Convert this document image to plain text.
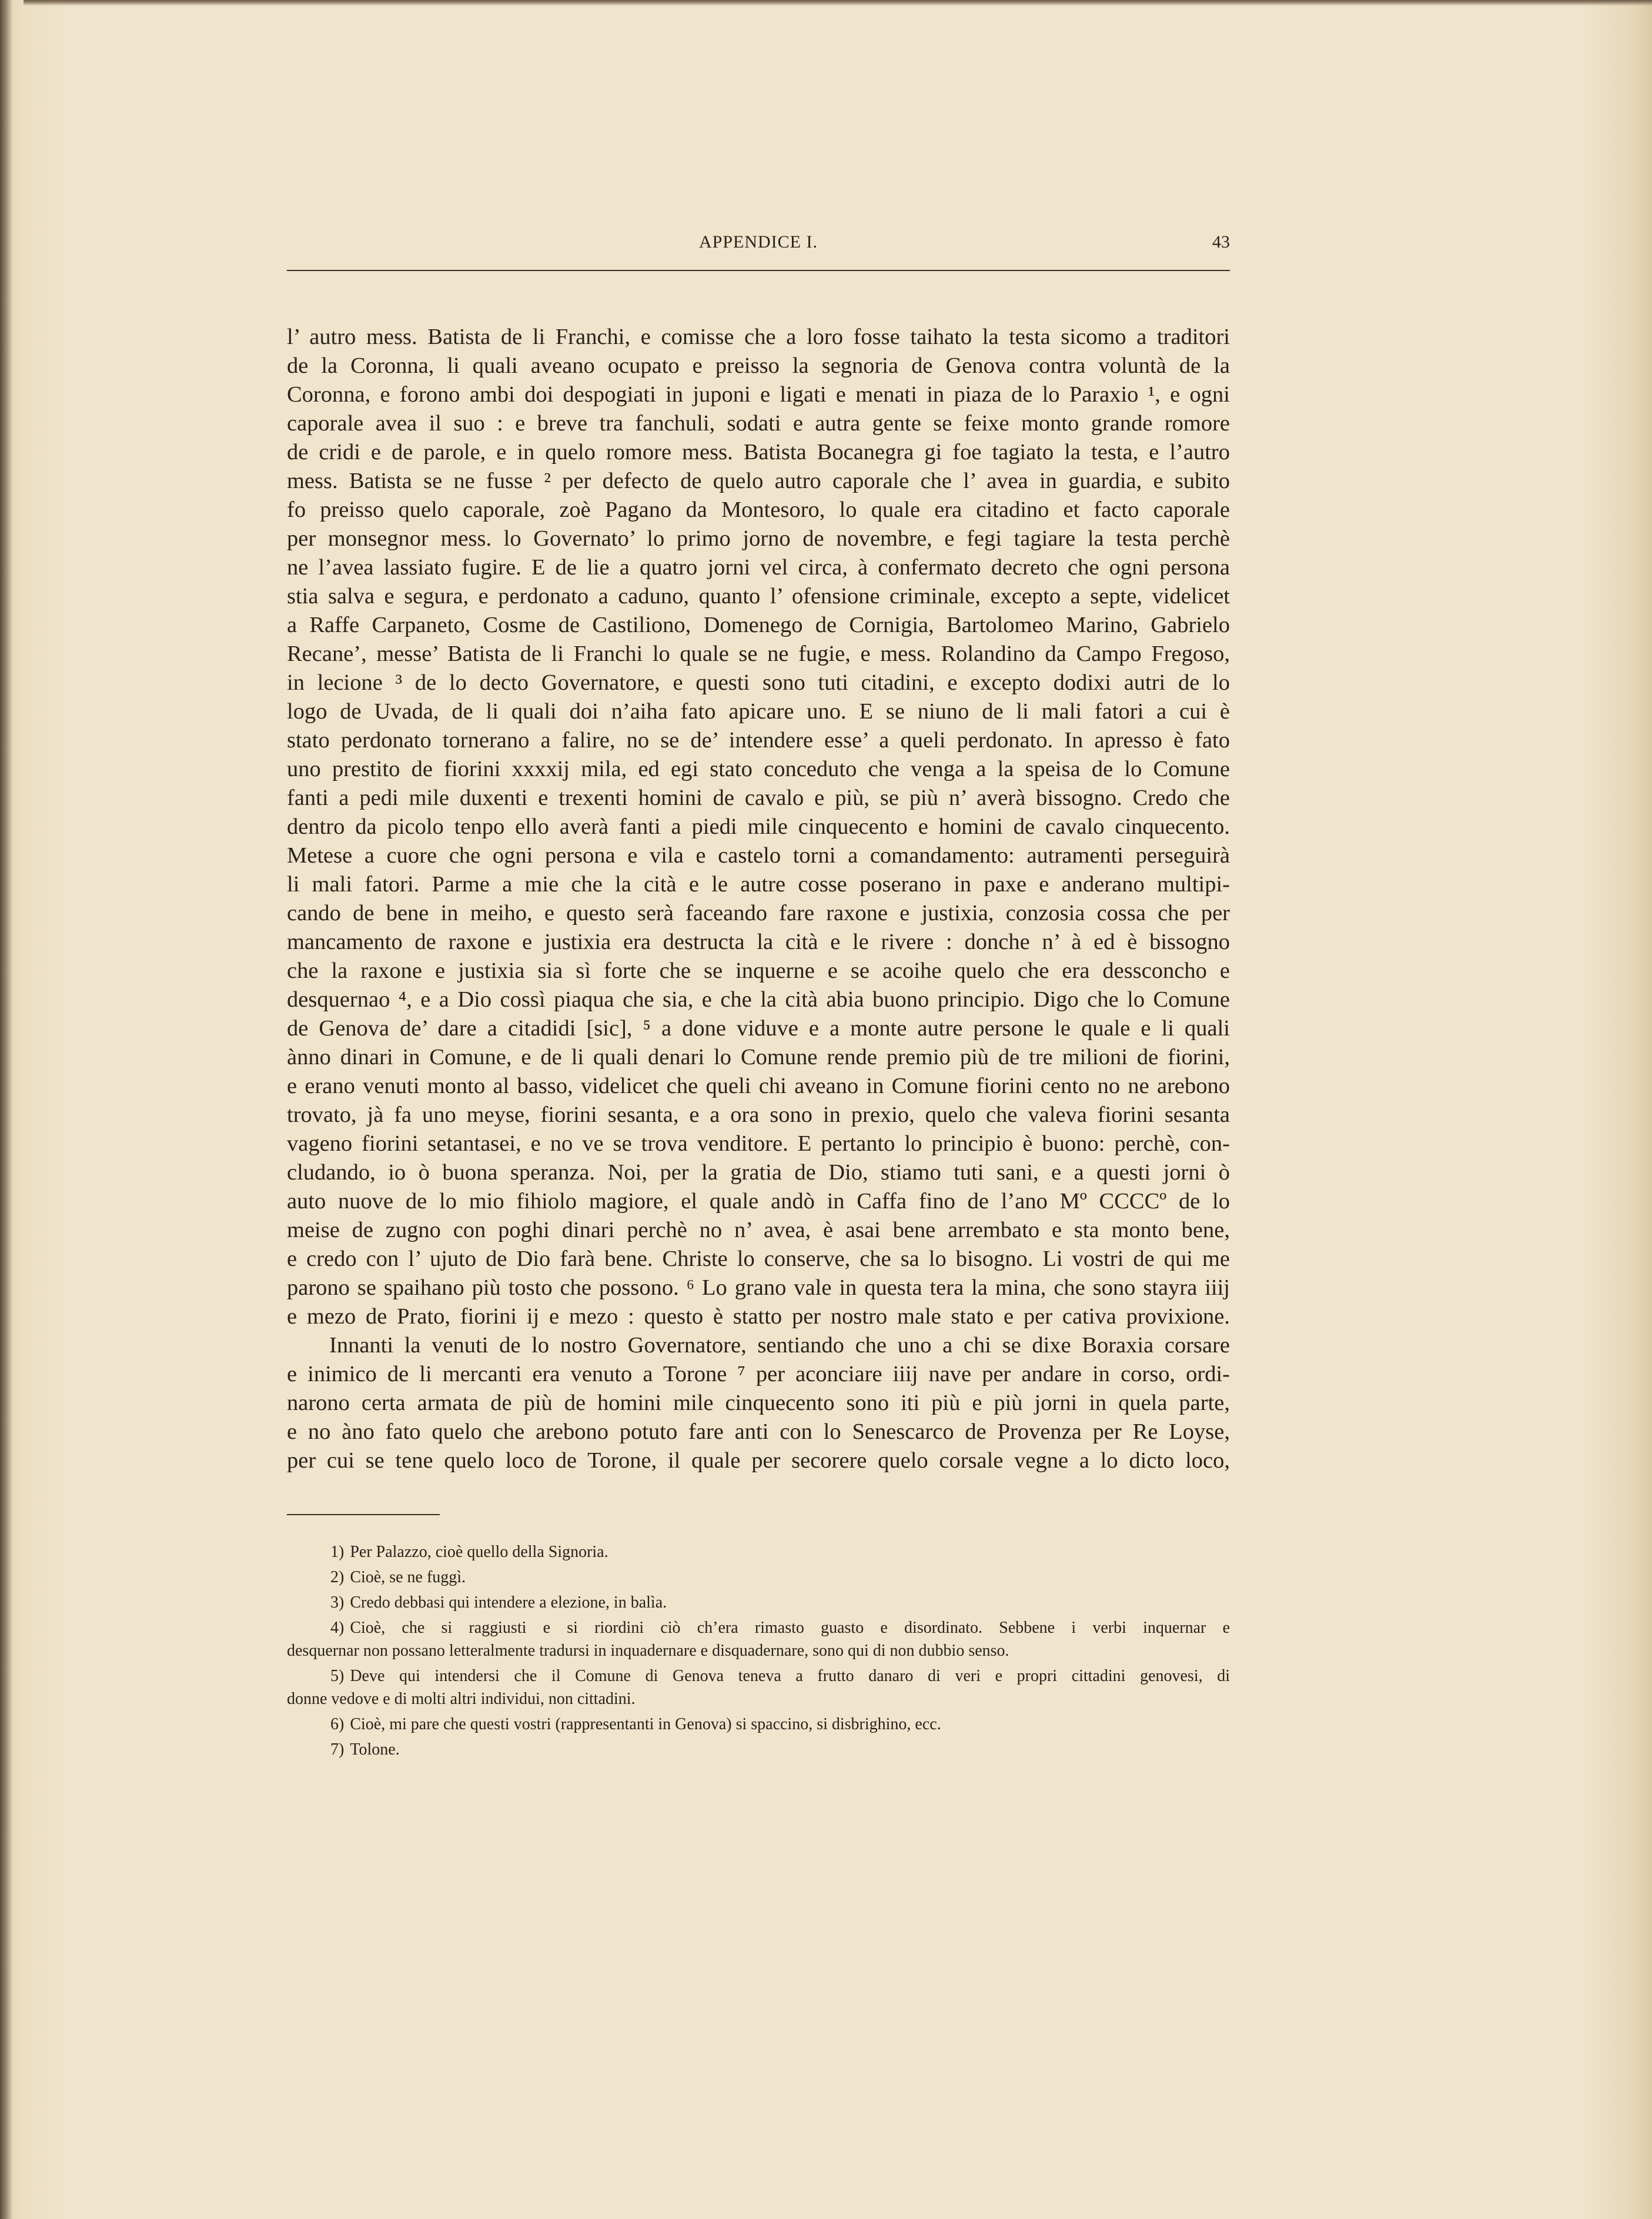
APPENDICE I.	43
l’ autro mess. Batista de li Franchi, e comisse che a loro fosse taihato la testa sicomo a traditori
de la Coronna, li quali aveano ocupato e preisso la segnoria de Genova contra voluntà de la
Coronna, e forono ambi doi despogiati in juponi e ligati e menati in piaza de lo Paraxio ¹, e ogni
caporale avea il suo : e breve tra fanchuli, sodati e autra gente se feixe monto grande romore
de cridi e de parole, e in quelo romore mess. Batista Bocanegra gi foe tagiato la testa, e l’autro
mess. Batista se ne fusse ² per defecto de quelo autro caporale che l’ avea in guardia, e subito
fo preisso quelo caporale, zoè Pagano da Montesoro, lo quale era citadino et facto caporale
per monsegnor mess. lo Governato’ lo primo jorno de novembre, e fegi tagiare la testa perchè
ne l’avea lassiato fugire. E de lie a quatro jorni vel circa, à confermato decreto che ogni persona
stia salva e segura, e perdonato a caduno, quanto l’ ofensione criminale, excepto a septe, videlicet
a Raffe Carpaneto, Cosme de Castiliono, Domenego de Cornigia, Bartolomeo Marino, Gabrielo
Recane’, messe’ Batista de li Franchi lo quale se ne fugie, e mess. Rolandino da Campo Fregoso,
in lecione ³ de lo decto Governatore, e questi sono tuti citadini, e excepto dodixi autri de lo
logo de Uvada, de li quali doi n’aiha fato apicare uno. E se niuno de li mali fatori a cui è
stato perdonato tornerano a falire, no se de’ intendere esse’ a queli perdonato. In apresso è fato
uno prestito de fiorini xxxxij mila, ed egi stato conceduto che venga a la speisa de lo Comune
fanti a pedi mile duxenti e trexenti homini de cavalo e più, se più n’ averà bissogno. Credo che
dentro da picolo tenpo ello averà fanti a piedi mile cinquecento e homini de cavalo cinquecento.
Metese a cuore che ogni persona e vila e castelo torni a comandamento: autramenti perseguirà
li mali fatori. Parme a mie che la cità e le autre cosse poserano in paxe e anderano multipi-
cando de bene in meiho, e questo serà faceando fare raxone e justixia, conzosia cossa che per
mancamento de raxone e justixia era destructa la cità e le rivere : donche n’ à ed è bissogno
che la raxone e justixia sia sì forte che se inquerne e se acoihe quelo che era dessconcho e
desquernao ⁴, e a Dio cossì piaqua che sia, e che la cità abia buono principio. Digo che lo Comune
de Genova de’ dare a citadidi [sic], ⁵ a done viduve e a monte autre persone le quale e li quali
ànno dinari in Comune, e de li quali denari lo Comune rende premio più de tre milioni de fiorini,
e erano venuti monto al basso, videlicet che queli chi aveano in Comune fiorini cento no ne arebono
trovato, jà fa uno meyse, fiorini sesanta, e a ora sono in prexio, quelo che valeva fiorini sesanta
vageno fiorini setantasei, e no ve se trova venditore. E pertanto lo principio è buono: perchè, con-
cludando, io ò buona speranza. Noi, per la gratia de Dio, stiamo tuti sani, e a questi jorni ò
auto nuove de lo mio fihiolo magiore, el quale andò in Caffa fino de l’ano Mº CCCCº de lo
meise de zugno con poghi dinari perchè no n’ avea, è asai bene arrembato e sta monto bene,
e credo con l’ ujuto de Dio farà bene. Christe lo conserve, che sa lo bisogno. Li vostri de qui me
parono se spaihano più tosto che possono. ⁶ Lo grano vale in questa tera la mina, che sono stayra iiij
e mezo de Prato, fiorini ij e mezo : questo è statto per nostro male stato e per cativa provixione.
Innanti la venuti de lo nostro Governatore, sentiando che uno a chi se dixe Boraxia corsare
e inimico de li mercanti era venuto a Torone ⁷ per aconciare iiij nave per andare in corso, ordi-
narono certa armata de più de homini mile cinquecento sono iti più e più jorni in quela parte,
e no àno fato quelo che arebono potuto fare anti con lo Senescarco de Provenza per Re Loyse,
per cui se tene quelo loco de Torone, il quale per secorere quelo corsale vegne a lo dicto loco,
1) Per Palazzo, cioè quello della Signoria.
2) Cioè, se ne fuggì.
3) Credo debbasi qui intendere a elezione, in balìa.
4) Cioè, che si raggiusti e si riordini ciò ch’era rimasto guasto e disordinato. Sebbene i verbi inquernar e
desquernar non possano letteralmente tradursi in inquadernare e disquadernare, sono qui di non dubbio senso.
5) Deve qui intendersi che il Comune di Genova teneva a frutto danaro di veri e propri cittadini genovesi, di
donne vedove e di molti altri individui, non cittadini.
6) Cioè, mi pare che questi vostri (rappresentanti in Genova) si spaccino, si disbrighino, ecc.
7) Tolone.
